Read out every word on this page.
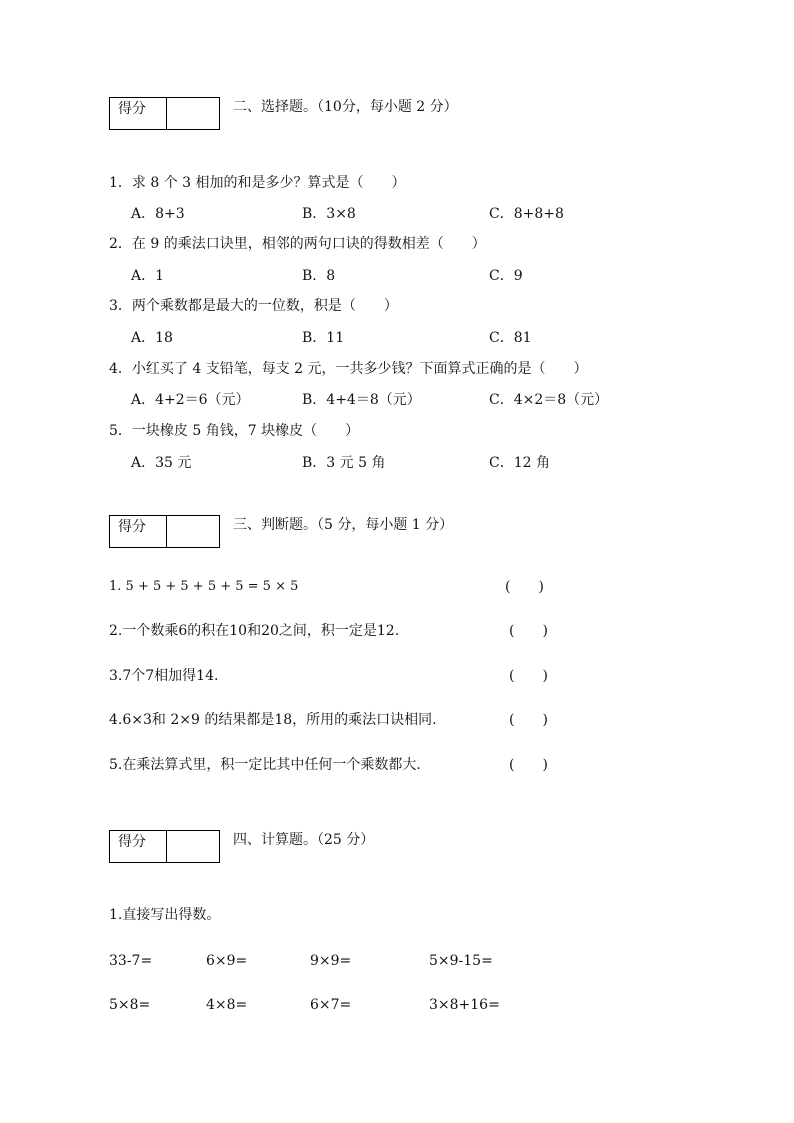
得分	二、选择题。（10分，每小题 2 分）
1．求 8 个 3 相加的和是多少？算式是（　　）
A．8+3	B．3×8	C．8+8+8
2．在 9 的乘法口诀里，相邻的两句口诀的得数相差（　　）
A．1	B．8	C．9
3．两个乘数都是最大的一位数，积是（　　）
A．18	B．11	C．81
4．小红买了 4 支铅笔，每支 2 元，一共多少钱？下面算式正确的是（　　）
A．4+2＝6（元）	B．4+4＝8（元）	C．4×2＝8（元）
5．一块橡皮 5 角钱，7 块橡皮（　　）
A．35 元	B．3 元 5 角	C．12 角
得分	三、判断题。（5 分，每小题 1 分）
1. 5 + 5 + 5 + 5 + 5 = 5 × 5	(　　)
2.一个数乘6的积在10和20之间，积一定是12.	(　　)
3.7个7相加得14.	(　　)
4.6×3和 2×9 的结果都是18，所用的乘法口诀相同.	(　　)
5.在乘法算式里，积一定比其中任何一个乘数都大.	(　　)
得分	四、计算题。（25 分）
1.直接写出得数。
33-7=	6×9=	9×9=	5×9-15=
5×8=	4×8=	6×7=	3×8+16=
